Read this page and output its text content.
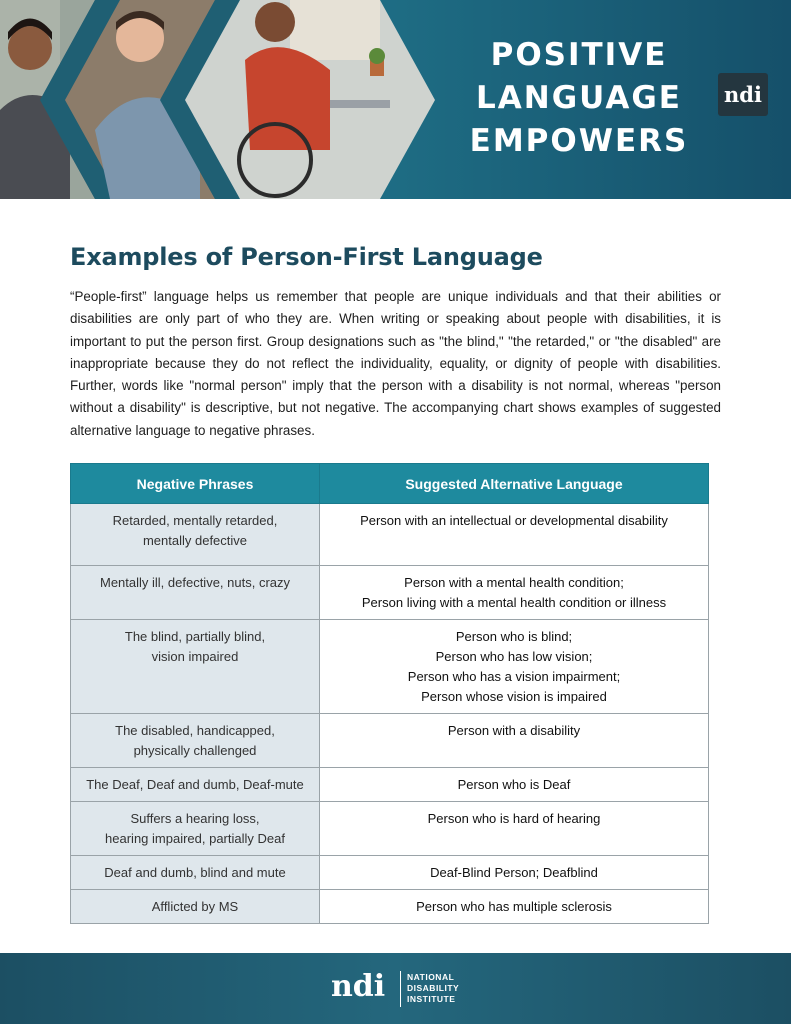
POSITIVE
LANGUAGE
EMPOWERS
ndi
Examples of Person-First Language

“People-first” language helps us remember that people are unique individuals and that their abilities or disabilities are only part of who they are. When writing or speaking about people with disabilities, it is important to put the person first. Group designations such as "the blind," "the retarded," or "the disabled" are inappropriate because they do not reflect the individuality, equality, or dignity of people with disabilities. Further, words like "normal person" imply that the person with a disability is not normal, whereas "person without a disability" is descriptive, but not negative. The accompanying chart shows examples of suggested alternative language to negative phrases.

Negative Phrases	Suggested Alternative Language

Retarded, mentally retarded,
mentally defective	Person with an intellectual or developmental disability

Mentally ill, defective, nuts, crazy	Person with a mental health condition;
Person living with a mental health condition or illness

The blind, partially blind,
vision impaired	Person who is blind;
Person who has low vision;
Person who has a vision impairment;
Person whose vision is impaired

The disabled, handicapped,
physically challenged	Person with a disability

The Deaf, Deaf and dumb, Deaf-mute	Person who is Deaf

Suffers a hearing loss,
hearing impaired, partially Deaf	Person who is hard of hearing

Deaf and dumb, blind and mute	Deaf-Blind Person; Deafblind

Afflicted by MS	Person who has multiple sclerosis
ndi	NATIONAL
DISABILITY
INSTITUTE
